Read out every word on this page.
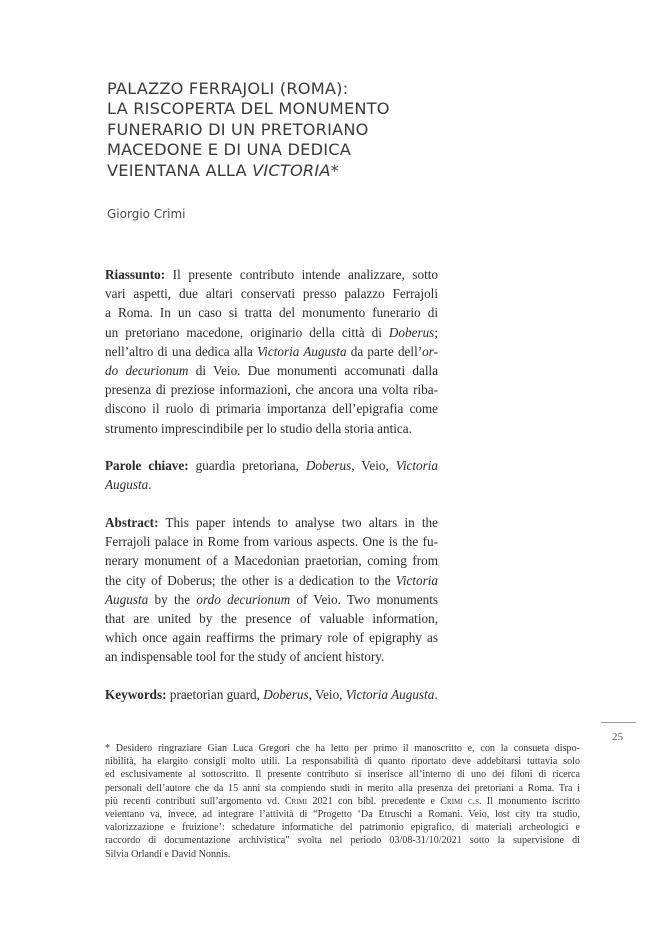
PALAZZO FERRAJOLI (ROMA):
LA RISCOPERTA DEL MONUMENTO
FUNERARIO DI UN PRETORIANO
MACEDONE E DI UNA DEDICA
VEIENTANA ALLA VICTORIA*
Giorgio Crimi
Riassunto: Il presente contributo intende analizzare, sotto
vari aspetti, due altari conservati presso palazzo Ferrajoli
a Roma. In un caso si tratta del monumento funerario di
un pretoriano macedone, originario della città di Doberus;
nell’altro di una dedica alla Victoria Augusta da parte dell’or-
do decurionum di Veio. Due monumenti accomunati dalla
presenza di preziose informazioni, che ancora una volta riba-
discono il ruolo di primaria importanza dell’epigrafia come
strumento imprescindibile per lo studio della storia antica.
Parole chiave: guardia pretoriana, Doberus, Veio, Victoria
Augusta.
Abstract: This paper intends to analyse two altars in the
Ferrajoli palace in Rome from various aspects. One is the fu-
nerary monument of a Macedonian praetorian, coming from
the city of Doberus; the other is a dedication to the Victoria
Augusta by the ordo decurionum of Veio. Two monuments
that are united by the presence of valuable information,
which once again reaffirms the primary role of epigraphy as
an indispensable tool for the study of ancient history.
Keywords: praetorian guard, Doberus, Veio, Victoria Augusta.
25
* Desidero ringraziare Gian Luca Gregori che ha letto per primo il manoscritto e, con la consueta dispo-
nibilità, ha elargito consigli molto utili. La responsabilità di quanto riportato deve addebitarsi tuttavia solo
ed esclusivamente al sottoscritto. Il presente contributo si inserisce all’interno di uno dei filoni di ricerca
personali dell’autore che da 15 anni sta compiendo studi in merito alla presenza dei pretoriani a Roma. Tra i
più recenti contributi sull’argomento vd. Crimi 2021 con bibl. precedente e Crimi c.s. Il monumento iscritto
veientano va, invece, ad integrare l’attività di “Progetto ‘Da Etruschi a Romani. Veio, lost city tra studio,
valorizzazione e fruizione’: schedature informatiche del patrimonio epigrafico, di materiali archeologici e
raccordo di documentazione archivistica” svolta nel periodo 03/08-31/10/2021 sotto la supervisione di
Silvia Orlandi e David Nonnis.
